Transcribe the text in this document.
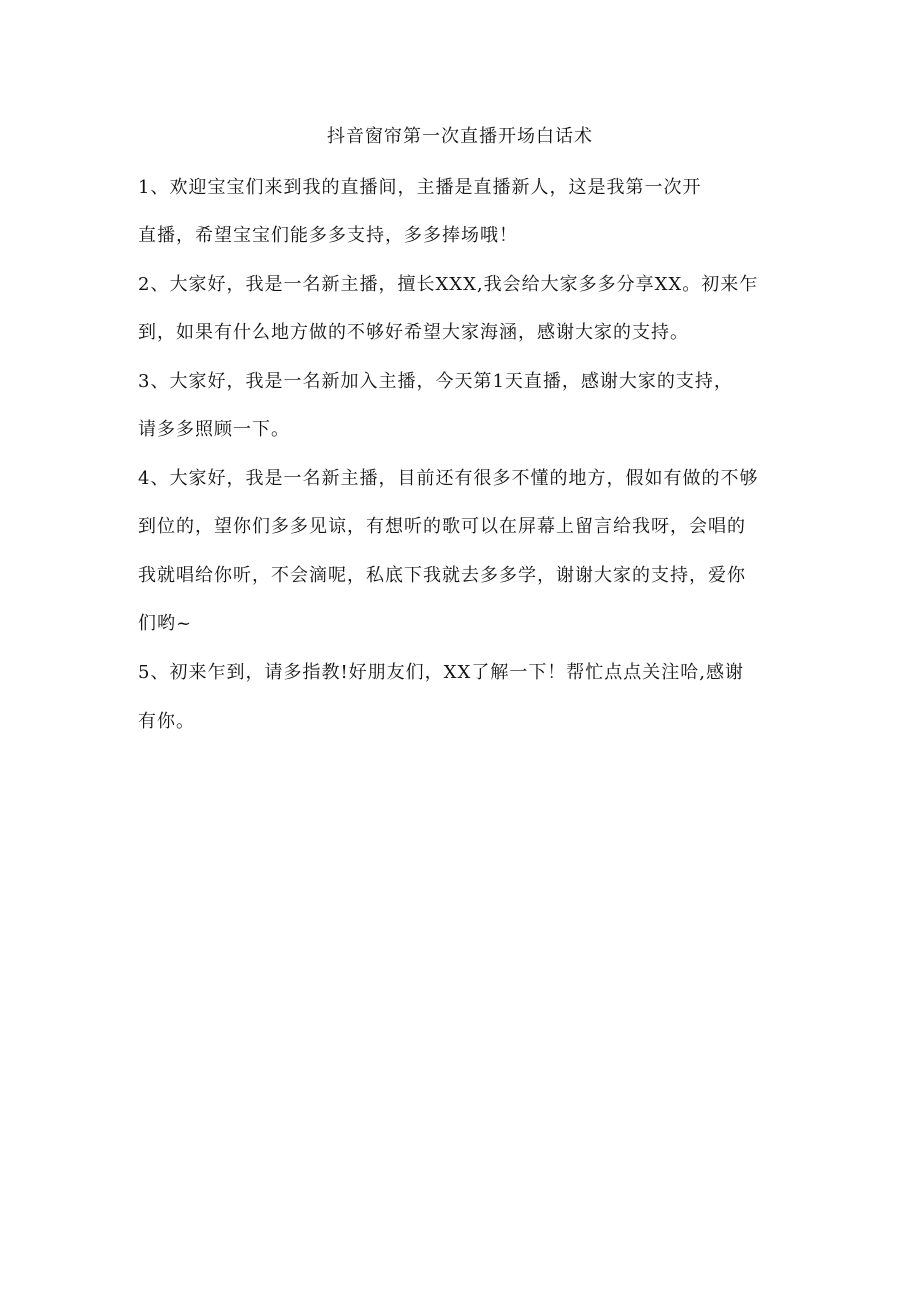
抖音窗帘第一次直播开场白话术
1、欢迎宝宝们来到我的直播间，主播是直播新人，这是我第一次开
直播，希望宝宝们能多多支持，多多捧场哦！
2、大家好，我是一名新主播，擅长XXX,我会给大家多多分享XX。初来乍
到，如果有什么地方做的不够好希望大家海涵，感谢大家的支持。
3、大家好，我是一名新加入主播，今天第1天直播，感谢大家的支持，
请多多照顾一下。
4、大家好，我是一名新主播，目前还有很多不懂的地方，假如有做的不够
到位的，望你们多多见谅，有想听的歌可以在屏幕上留言给我呀，会唱的
我就唱给你听，不会滴呢，私底下我就去多多学，谢谢大家的支持，爱你
们哟~
5、初来乍到，请多指教!好朋友们，XX了解一下！帮忙点点关注哈,感谢
有你。
